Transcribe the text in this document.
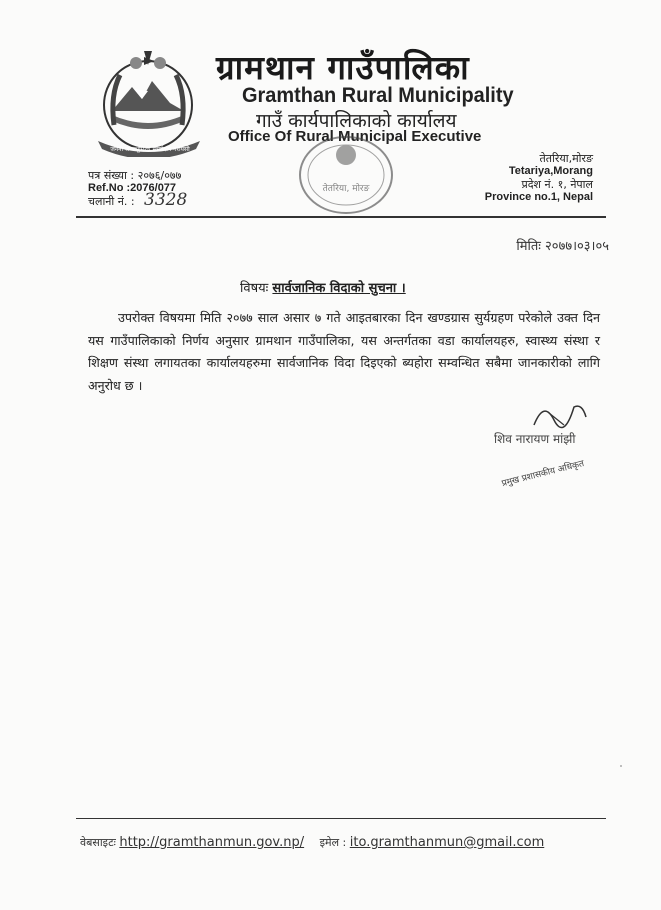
जननी जन्मभूमिश्च स्वर्गादपि गरीयसी
ग्रामथान गाउँपालिका
Gramthan Rural Municipality
गाउँ कार्यपालिकाको कार्यालय
Office Of Rural Municipal Executive
तेतरिया, मोरङ
पत्र संख्या : २०७६/०७७
Ref.No :2076/077
चलानी नं. : 3328
तेतरिया,मोरङ
Tetariya,Morang
प्रदेश नं. १, नेपाल
Province no.1, Nepal
मितिः २०७७।०३।०५
विषयः सार्वजानिक विदाको सुचना ।
उपरोक्त विषयमा मिति २०७७ साल असार ७ गते आइतबारका दिन खण्डग्रास सुर्यग्रहण परेकोले उक्त दिन यस गाउँपालिकाको निर्णय अनुसार ग्रामथान गाउँपालिका, यस अन्तर्गतका वडा कार्यालयहरु, स्वास्थ्य संस्था र शिक्षण संस्था लगायतका कार्यालयहरुमा सार्वजानिक विदा दिइएको ब्यहोरा सम्वन्धित सबैमा जानकारीको लागि अनुरोध छ ।
शिव नारायण मांझी
प्रमुख प्रशासकीय अधिकृत
वेबसाइटः http://gramthanmun.gov.np/ इमेल : ito.gramthanmun@gmail.com
